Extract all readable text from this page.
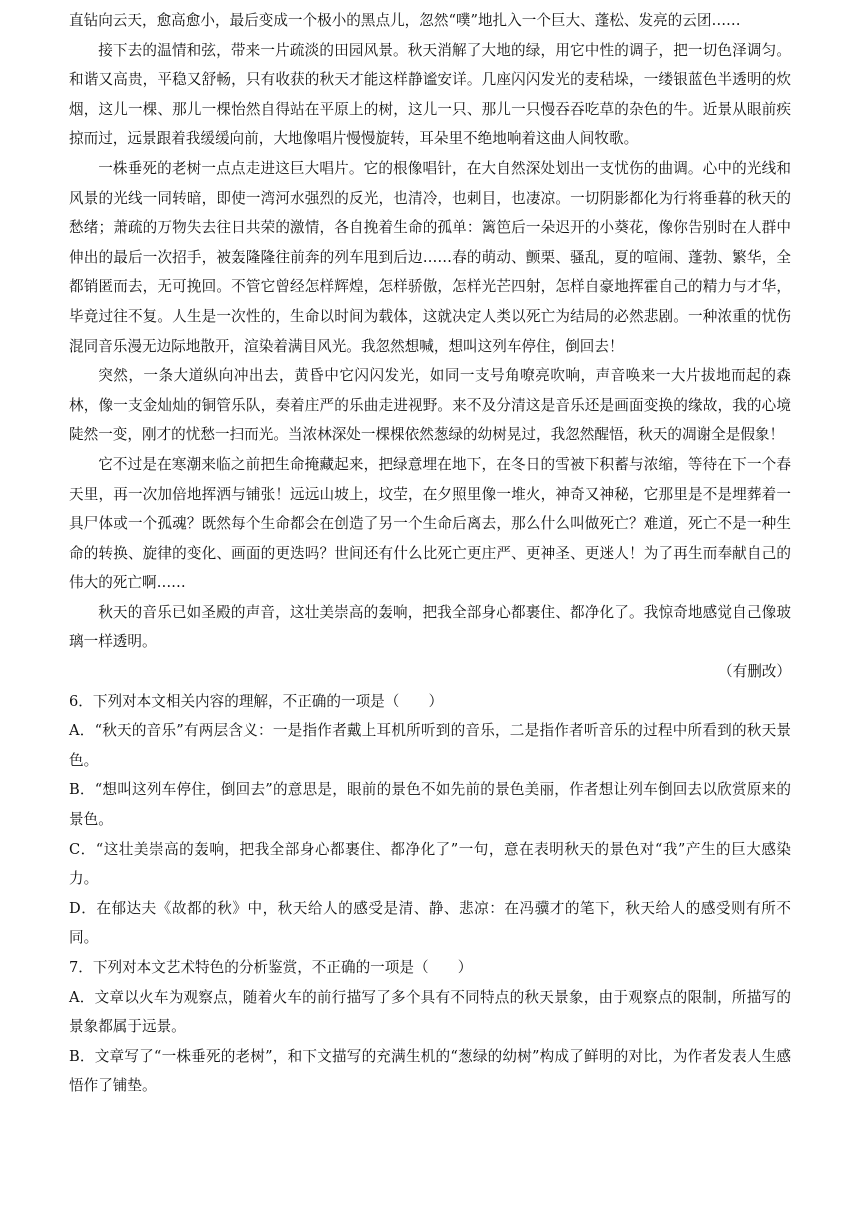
直钻向云天，愈高愈小，最后变成一个极小的黑点儿，忽然“噗”地扎入一个巨大、蓬松、发亮的云团……

接下去的温情和弦，带来一片疏淡的田园风景。秋天消解了大地的绿，用它中性的调子，把一切色泽调匀。和谐又高贵，平稳又舒畅，只有收获的秋天才能这样静谧安详。几座闪闪发光的麦秸垛，一缕银蓝色半透明的炊烟，这儿一棵、那儿一棵怡然自得站在平原上的树，这儿一只、那儿一只慢吞吞吃草的杂色的牛。近景从眼前疾掠而过，远景跟着我缓缓向前，大地像唱片慢慢旋转，耳朵里不绝地响着这曲人间牧歌。

一株垂死的老树一点点走进这巨大唱片。它的根像唱针，在大自然深处划出一支忧伤的曲调。心中的光线和风景的光线一同转暗，即使一湾河水强烈的反光，也清冷，也刺目，也凄凉。一切阴影都化为行将垂暮的秋天的愁绪；萧疏的万物失去往日共荣的激情，各自挽着生命的孤单：篱笆后一朵迟开的小葵花，像你告别时在人群中伸出的最后一次招手，被轰隆隆往前奔的列车甩到后边……春的萌动、颤栗、骚乱，夏的喧闹、蓬勃、繁华，全都销匿而去，无可挽回。不管它曾经怎样辉煌，怎样骄傲，怎样光芒四射，怎样自豪地挥霍自己的精力与才华，毕竟过往不复。人生是一次性的，生命以时间为载体，这就决定人类以死亡为结局的必然悲剧。一种浓重的忧伤混同音乐漫无边际地散开，渲染着满目风光。我忽然想喊，想叫这列车停住，倒回去！

突然，一条大道纵向冲出去，黄昏中它闪闪发光，如同一支号角嘹亮吹响，声音唤来一大片拔地而起的森林，像一支金灿灿的铜管乐队，奏着庄严的乐曲走进视野。来不及分清这是音乐还是画面变换的缘故，我的心境陡然一变，刚才的忧愁一扫而光。当浓林深处一棵棵依然葱绿的幼树晃过，我忽然醒悟，秋天的凋谢全是假象！

它不过是在寒潮来临之前把生命掩藏起来，把绿意埋在地下，在冬日的雪被下积蓄与浓缩，等待在下一个春天里，再一次加倍地挥洒与铺张！远远山坡上，坟茔，在夕照里像一堆火，神奇又神秘，它那里是不是埋葬着一具尸体或一个孤魂？既然每个生命都会在创造了另一个生命后离去，那么什么叫做死亡？难道，死亡不是一种生命的转换、旋律的变化、画面的更迭吗？世间还有什么比死亡更庄严、更神圣、更迷人！为了再生而奉献自己的伟大的死亡啊……

秋天的音乐已如圣殿的声音，这壮美崇高的轰响，把我全部身心都裹住、都净化了。我惊奇地感觉自己像玻璃一样透明。

（有删改）

6．下列对本文相关内容的理解，不正确的一项是（　　）

A．“秋天的音乐”有两层含义：一是指作者戴上耳机所听到的音乐，二是指作者听音乐的过程中所看到的秋天景色。

B．“想叫这列车停住，倒回去”的意思是，眼前的景色不如先前的景色美丽，作者想让列车倒回去以欣赏原来的景色。

C．“这壮美崇高的轰响，把我全部身心都裹住、都净化了”一句，意在表明秋天的景色对“我”产生的巨大感染力。

D．在郁达夫《故都的秋》中，秋天给人的感受是清、静、悲凉：在冯骥才的笔下，秋天给人的感受则有所不同。

7．下列对本文艺术特色的分析鉴赏，不正确的一项是（　　）

A．文章以火车为观察点，随着火车的前行描写了多个具有不同特点的秋天景象，由于观察点的限制，所描写的景象都属于远景。

B．文章写了“一株垂死的老树”，和下文描写的充满生机的“葱绿的幼树”构成了鲜明的对比，为作者发表人生感悟作了铺垫。
